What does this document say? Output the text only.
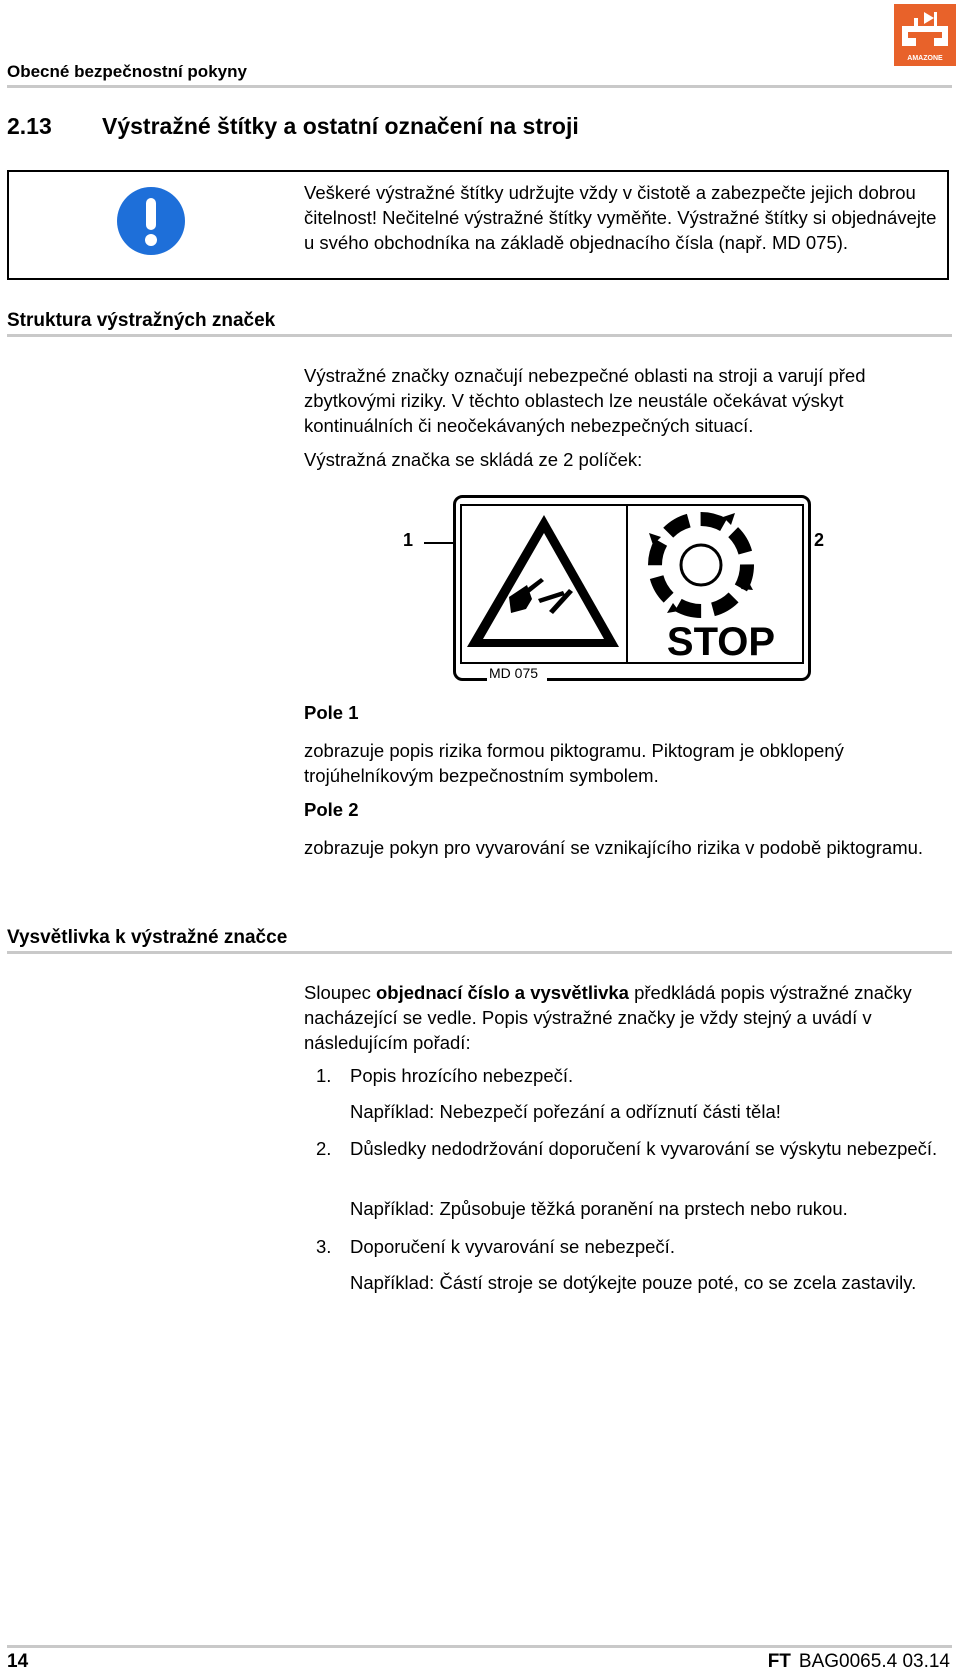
Obecné bezpečnostní pokyny
AMAZONE
2.13 Výstražné štítky a ostatní označení na stroji
Veškeré výstražné štítky udržujte vždy v čistotě a zabezpečte jejich dobrou čitelnost! Nečitelné výstražné štítky vyměňte. Výstražné štítky si objednávejte u svého obchodníka na základě objednacího čísla (např. MD 075).
Struktura výstražných značek
Výstražné značky označují nebezpečné oblasti na stroji a varují před zbytkovými riziky. V těchto oblastech lze neustále očekávat výskyt kontinuálních či neočekávaných nebezpečných situací.
Výstražná značka se skládá ze 2 políček:
1	2
STOP
MD 075
Pole 1
zobrazuje popis rizika formou piktogramu. Piktogram je obklopený trojúhelníkovým bezpečnostním symbolem.
Pole 2
zobrazuje pokyn pro vyvarování se vznikajícího rizika v podobě piktogramu.
Vysvětlivka k výstražné značce
Sloupec objednací číslo a vysvětlivka předkládá popis výstražné značky nacházející se vedle. Popis výstražné značky je vždy stejný a uvádí v následujícím pořadí:
1. Popis hrozícího nebezpečí.
Například: Nebezpečí pořezání a odříznutí části těla!
2. Důsledky nedodržování doporučení k vyvarování se výskytu nebezpečí.
Například: Způsobuje těžká poranění na prstech nebo rukou.
3. Doporučení k vyvarování se nebezpečí.
Například: Částí stroje se dotýkejte pouze poté, co se zcela zastavily.
14	FT BAG0065.4 03.14
